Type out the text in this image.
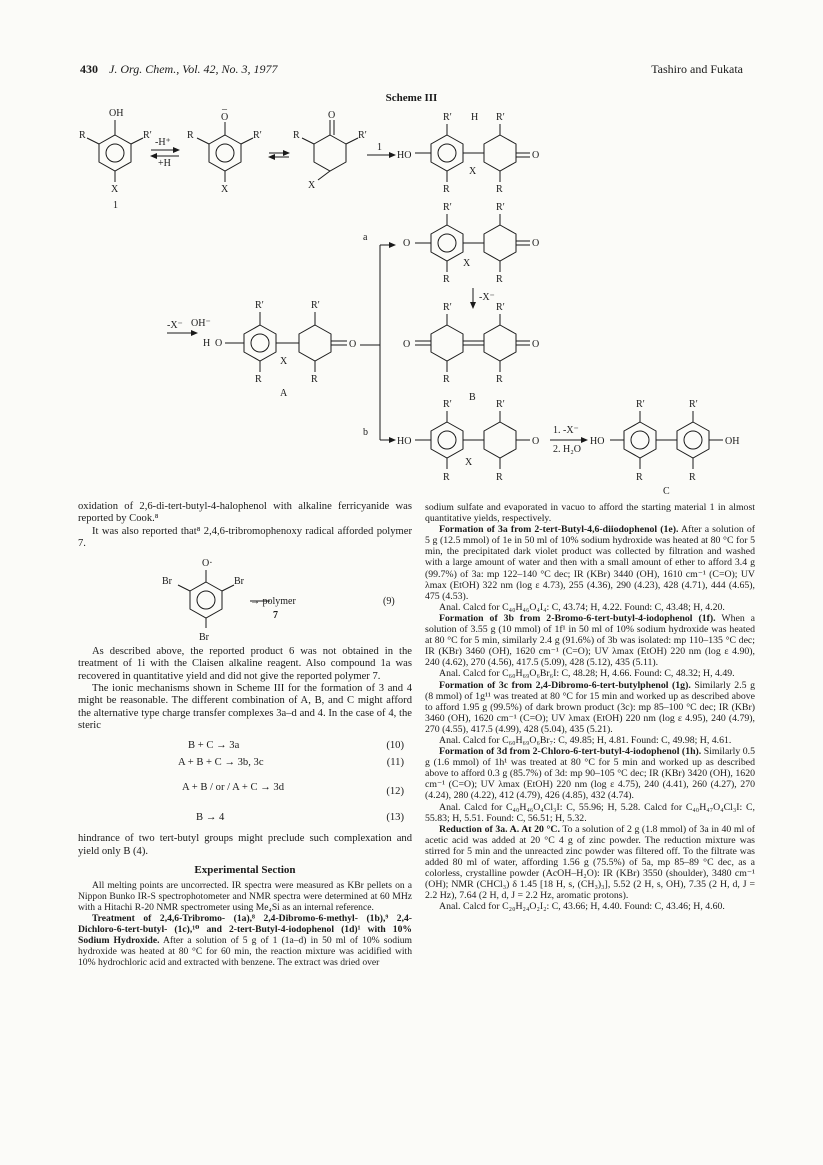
430 J. Org. Chem., Vol. 42, No. 3, 1977	Tashiro and Fukata
Scheme III
OH
R	R′
X
1
-H⁺
+H
–
O
R	R′
X
O
R	R′
X
1
HO	O
R′ H R′
R	R
X
a
O	O
R′	R′
R	R
X
-X⁻
O	O
R′	R′
R	R
B
-X⁻ OH⁻
H O	O
R′	R′
R	R
X
A
b
HO	O
R′	R′
R	R
X
1. -X⁻
2. H₂O
HO	OH
R′	R′
R	R
C

oxidation of 2,6-di-tert-butyl-4-halophenol with alkaline ferricyanide was reported by Cook.⁸

It was also reported that⁸ 2,4,6-tribromophenoxy radical afforded polymer 7.

O·
Br	Br
Br
→ polymer
7
(9)

As described above, the reported product 6 was not obtained in the treatment of 1i with the Claisen alkaline reagent. Also compound 1a was recovered in quantitative yield and did not give the reported polymer 7.

The ionic mechanisms shown in Scheme III for the formation of 3 and 4 might be reasonable. The different combination of A, B, and C might afford the alternative type charge transfer complexes 3a–d and 4. In the case of 4, the steric

B + C → 3a	(10)
A + B + C → 3b, 3c	(11)
A + B / or / A + C → 3d	(12)
B → 4	(13)

hindrance of two tert-butyl groups might preclude such complexation and yield only B (4).

Experimental Section

All melting points are uncorrected. IR spectra were measured as KBr pellets on a Nippon Bunko IR-S spectrophotometer and NMR spectra were determined at 60 MHz with a Hitachi R-20 NMR spectrometer using Me₄Si as an internal reference.

Treatment of 2,4,6-Tribromo- (1a),⁸ 2,4-Dibromo-6-methyl- (1b),⁹ 2,4-Dichloro-6-tert-butyl- (1c),¹⁰ and 2-tert-Butyl-4-iodophenol (1d)¹ with 10% Sodium Hydroxide. After a solution of 5 g of 1 (1a–d) in 50 ml of 10% sodium hydroxide was heated at 80 °C for 60 min, the reaction mixture was acidified with 10% hydrochloric acid and extracted with benzene. The extract was dried over

sodium sulfate and evaporated in vacuo to afford the starting material 1 in almost quantitative yields, respectively.

Formation of 3a from 2-tert-Butyl-4,6-diiodophenol (1e). After a solution of 5 g (12.5 mmol) of 1e in 50 ml of 10% sodium hydroxide was heated at 80 °C for 5 min, the precipitated dark violet product was collected by filtration and washed with a large amount of water and then with a small amount of ether to afford 3.4 g (99.7%) of 3a: mp 122–140 °C dec; IR (KBr) 3440 (OH), 1610 cm⁻¹ (C=O); UV λmax (EtOH) 322 nm (log ε 4.73), 255 (4.36), 290 (4.23), 428 (4.71), 444 (4.65), 475 (4.53).

Anal. Calcd for C₄₀H₄₆O₄I₄: C, 43.74; H, 4.22. Found: C, 43.48; H, 4.20.

Formation of 3b from 2-Bromo-6-tert-butyl-4-iodophenol (1f). When a solution of 3.55 g (10 mmol) of 1f¹ in 50 ml of 10% sodium hydroxide was heated at 80 °C for 5 min, similarly 2.4 g (91.6%) of 3b was isolated: mp 110–135 °C dec; IR (KBr) 3460 (OH), 1620 cm⁻¹ (C=O); UV λmax (EtOH) 220 nm (log ε 4.90), 240 (4.62), 270 (4.56), 417.5 (5.09), 428 (5.12), 435 (5.11).

Anal. Calcd for C₆₀H₆₉O₆Br₆I: C, 48.28; H, 4.66. Found: C, 48.32; H, 4.49.

Formation of 3c from 2,4-Dibromo-6-tert-butylphenol (1g). Similarly 2.5 g (8 mmol) of 1g¹¹ was treated at 80 °C for 15 min and worked up as described above to afford 1.95 g (99.5%) of dark brown product (3c): mp 85–100 °C dec; IR (KBr) 3460 (OH), 1620 cm⁻¹ (C=O); UV λmax (EtOH) 220 nm (log ε 4.95), 240 (4.79), 270 (4.55), 417.5 (4.99), 428 (5.04), 435 (5.21).

Anal. Calcd for C₆₀H₆₉O₆Br₇: C, 49.85; H, 4.81. Found: C, 49.98; H, 4.61.

Formation of 3d from 2-Chloro-6-tert-butyl-4-iodophenol (1h). Similarly 0.5 g (1.6 mmol) of 1h¹ was treated at 80 °C for 5 min and worked up as described above to afford 0.3 g (85.7%) of 3d: mp 90–105 °C dec; IR (KBr) 3420 (OH), 1620 cm⁻¹ (C=O); UV λmax (EtOH) 220 nm (log ε 4.75), 240 (4.41), 260 (4.27), 270 (4.24), 280 (4.22), 412 (4.79), 426 (4.85), 432 (4.74).

Anal. Calcd for C₄₀H₄₆O₄Cl₃I: C, 55.96; H, 5.28. Calcd for C₄₀H₄₇O₄Cl₃I: C, 55.83; H, 5.51. Found: C, 56.51; H, 5.32.

Reduction of 3a. A. At 20 °C. To a solution of 2 g (1.8 mmol) of 3a in 40 ml of acetic acid was added at 20 °C 4 g of zinc powder. The reduction mixture was stirred for 5 min and the unreacted zinc powder was filtered off. To the filtrate was added 80 ml of water, affording 1.56 g (75.5%) of 5a, mp 85–89 °C dec, as a colorless, crystalline powder (AcOH–H₂O): IR (KBr) 3550 (shoulder), 3480 cm⁻¹ (OH); NMR (CHCl₃) δ 1.45 [18 H, s, (CH₃)₃], 5.52 (2 H, s, OH), 7.35 (2 H, d, J = 2.2 Hz), 7.64 (2 H, d, J = 2.2 Hz, aromatic protons).

Anal. Calcd for C₂₀H₂₄O₂I₂: C, 43.66; H, 4.40. Found: C, 43.46; H, 4.60.
